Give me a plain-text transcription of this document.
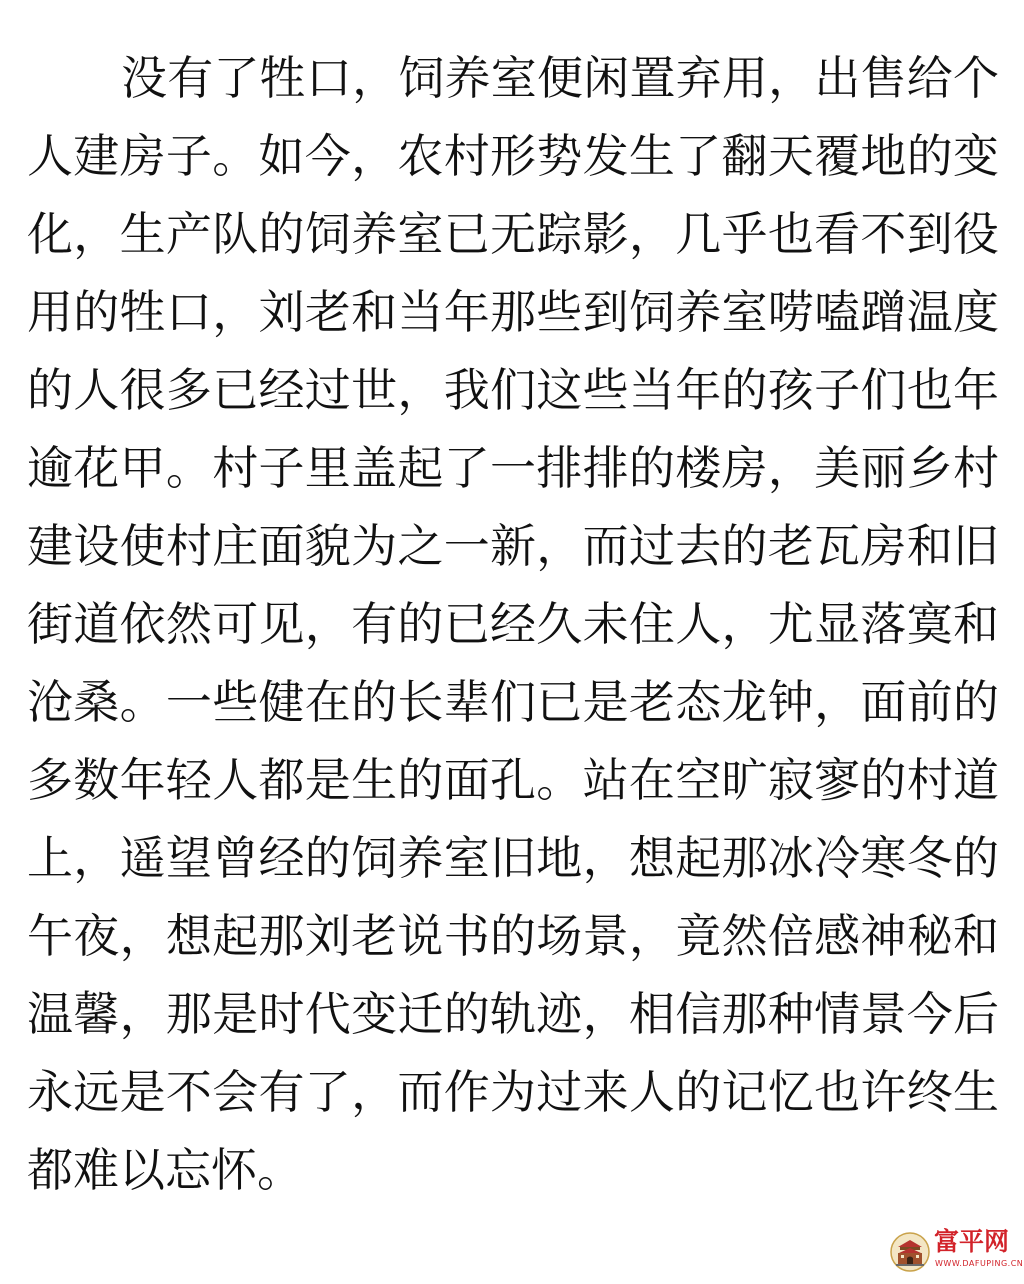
没有了牲口，饲养室便闲置弃用，出售给个
人建房子。如今，农村形势发生了翻天覆地的变
化，生产队的饲养室已无踪影，几乎也看不到役
用的牲口，刘老和当年那些到饲养室唠嗑蹭温度
的人很多已经过世，我们这些当年的孩子们也年
逾花甲。村子里盖起了一排排的楼房，美丽乡村
建设使村庄面貌为之一新，而过去的老瓦房和旧
街道依然可见，有的已经久未住人，尤显落寞和
沧桑。一些健在的长辈们已是老态龙钟，面前的
多数年轻人都是生的面孔。站在空旷寂寥的村道
上，遥望曾经的饲养室旧地，想起那冰冷寒冬的
午夜，想起那刘老说书的场景，竟然倍感神秘和
温馨，那是时代变迁的轨迹，相信那种情景今后
永远是不会有了，而作为过来人的记忆也许终生
都难以忘怀。
富平网
WWW.DAFUPING.CN
